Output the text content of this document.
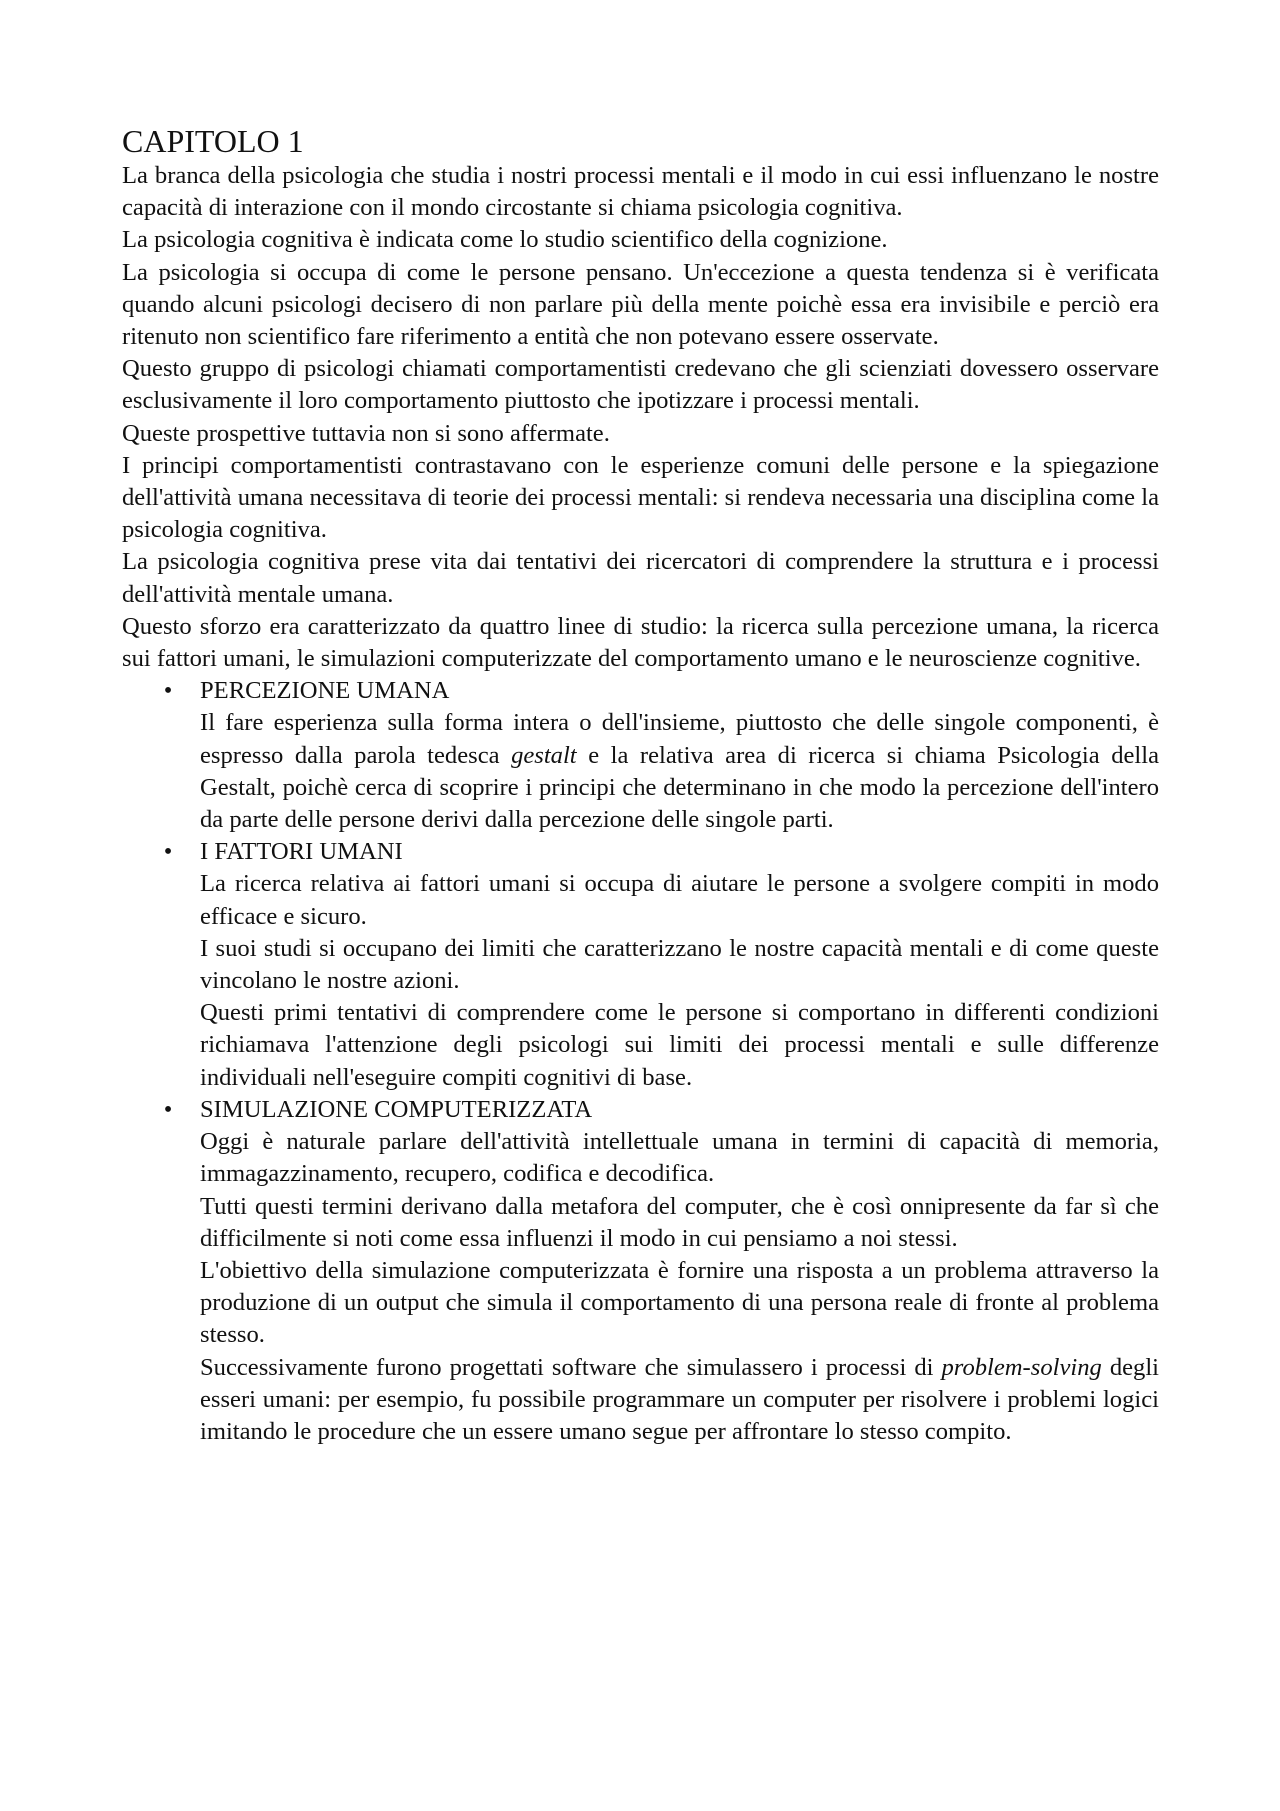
CAPITOLO 1

La branca della psicologia che studia i nostri processi mentali e il modo in cui essi influenzano le nostre capacità di interazione con il mondo circostante si chiama psicologia cognitiva.

La psicologia cognitiva è indicata come lo studio scientifico della cognizione.

La psicologia si occupa di come le persone pensano. Un'eccezione a questa tendenza si è verificata quando alcuni psicologi decisero di non parlare più della mente poichè essa era invisibile e perciò era ritenuto non scientifico fare riferimento a entità che non potevano essere osservate.

Questo gruppo di psicologi chiamati comportamentisti credevano che gli scienziati dovessero osservare esclusivamente il loro comportamento piuttosto che ipotizzare i processi mentali.

Queste prospettive tuttavia non si sono affermate.

I principi comportamentisti contrastavano con le esperienze comuni delle persone e la spiegazione dell'attività umana necessitava di teorie dei processi mentali: si rendeva necessaria una disciplina come la psicologia cognitiva.

La psicologia cognitiva prese vita dai tentativi dei ricercatori di comprendere la struttura e i processi dell'attività mentale umana.

Questo sforzo era caratterizzato da quattro linee di studio: la ricerca sulla percezione umana, la ricerca sui fattori umani, le simulazioni computerizzate del comportamento umano e le neuroscienze cognitive.

• PERCEZIONE UMANA

Il fare esperienza sulla forma intera o dell'insieme, piuttosto che delle singole componenti, è espresso dalla parola tedesca gestalt e la relativa area di ricerca si chiama Psicologia della Gestalt, poichè cerca di scoprire i principi che determinano in che modo la percezione dell'intero da parte delle persone derivi dalla percezione delle singole parti.

• I FATTORI UMANI

La ricerca relativa ai fattori umani si occupa di aiutare le persone a svolgere compiti in modo efficace e sicuro.

I suoi studi si occupano dei limiti che caratterizzano le nostre capacità mentali e di come queste vincolano le nostre azioni.

Questi primi tentativi di comprendere come le persone si comportano in differenti condizioni richiamava l'attenzione degli psicologi sui limiti dei processi mentali e sulle differenze individuali nell'eseguire compiti cognitivi di base.

• SIMULAZIONE COMPUTERIZZATA

Oggi è naturale parlare dell'attività intellettuale umana in termini di capacità di memoria, immagazzinamento, recupero, codifica e decodifica.

Tutti questi termini derivano dalla metafora del computer, che è così onnipresente da far sì che difficilmente si noti come essa influenzi il modo in cui pensiamo a noi stessi.

L'obiettivo della simulazione computerizzata è fornire una risposta a un problema attraverso la produzione di un output che simula il comportamento di una persona reale di fronte al problema stesso.

Successivamente furono progettati software che simulassero i processi di problem-solving degli esseri umani: per esempio, fu possibile programmare un computer per risolvere i problemi logici imitando le procedure che un essere umano segue per affrontare lo stesso compito.
